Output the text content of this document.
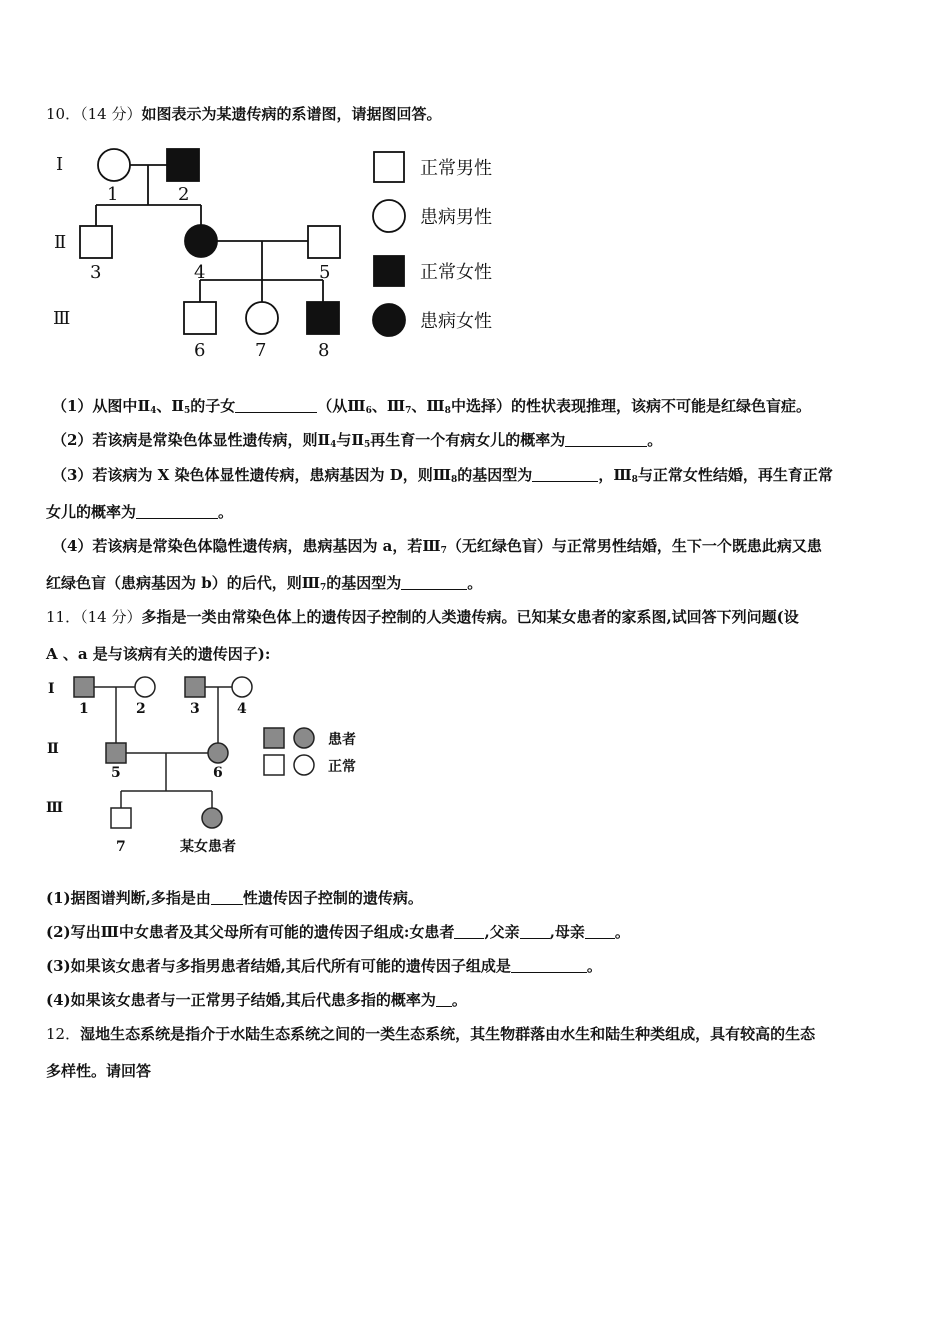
10．（14 分）如图表示为某遗传病的系谱图，请据图回答。
Ⅰ
Ⅱ
Ⅲ
1	2
3	4	5
6	7	8
正常男性
患病男性
正常女性
患病女性
（1）从图中$Ⅱ_4$、$Ⅱ_5$的子女	（从$Ⅲ_6$、$Ⅲ_7$、$Ⅲ_8$中选择）的性状表现推理，该病不可能是红绿色盲症。
（2）若该病是常染色体显性遗传病，则$Ⅱ_4$与$Ⅱ_5$再生育一个有病女儿的概率为	。
（3）若该病为 X 染色体显性遗传病，患病基因为 D，则$Ⅲ_8$的基因型为	，$Ⅲ_8$与正常女性结婚，再生育正常
女儿的概率为	。
（4）若该病是常染色体隐性遗传病，患病基因为 a，若$Ⅲ_7$（无红绿色盲）与正常男性结婚，生下一个既患此病又患
红绿色盲（患病基因为 b）的后代，则$Ⅲ_7$的基因型为	。
11．（14 分）多指是一类由常染色体上的遗传因子控制的人类遗传病。已知某女患者的家系图,试回答下列问题(设
A 、a 是与该病有关的遗传因子):
Ⅰ
Ⅱ
Ⅲ
1	2	3	4
5	6
7	某女患者
患者
正常
(1)据图谱判断,多指是由 性遗传因子控制的遗传病。
(2)写出Ⅲ中女患者及其父母所有可能的遗传因子组成:女患者 ,父亲 ,母亲 。
(3)如果该女患者与多指男患者结婚,其后代所有可能的遗传因子组成是	。
(4)如果该女患者与一正常男子结婚,其后代患多指的概率为 。
12．湿地生态系统是指介于水陆生态系统之间的一类生态系统，其生物群落由水生和陆生种类组成，具有较高的生态
多样性。请回答
